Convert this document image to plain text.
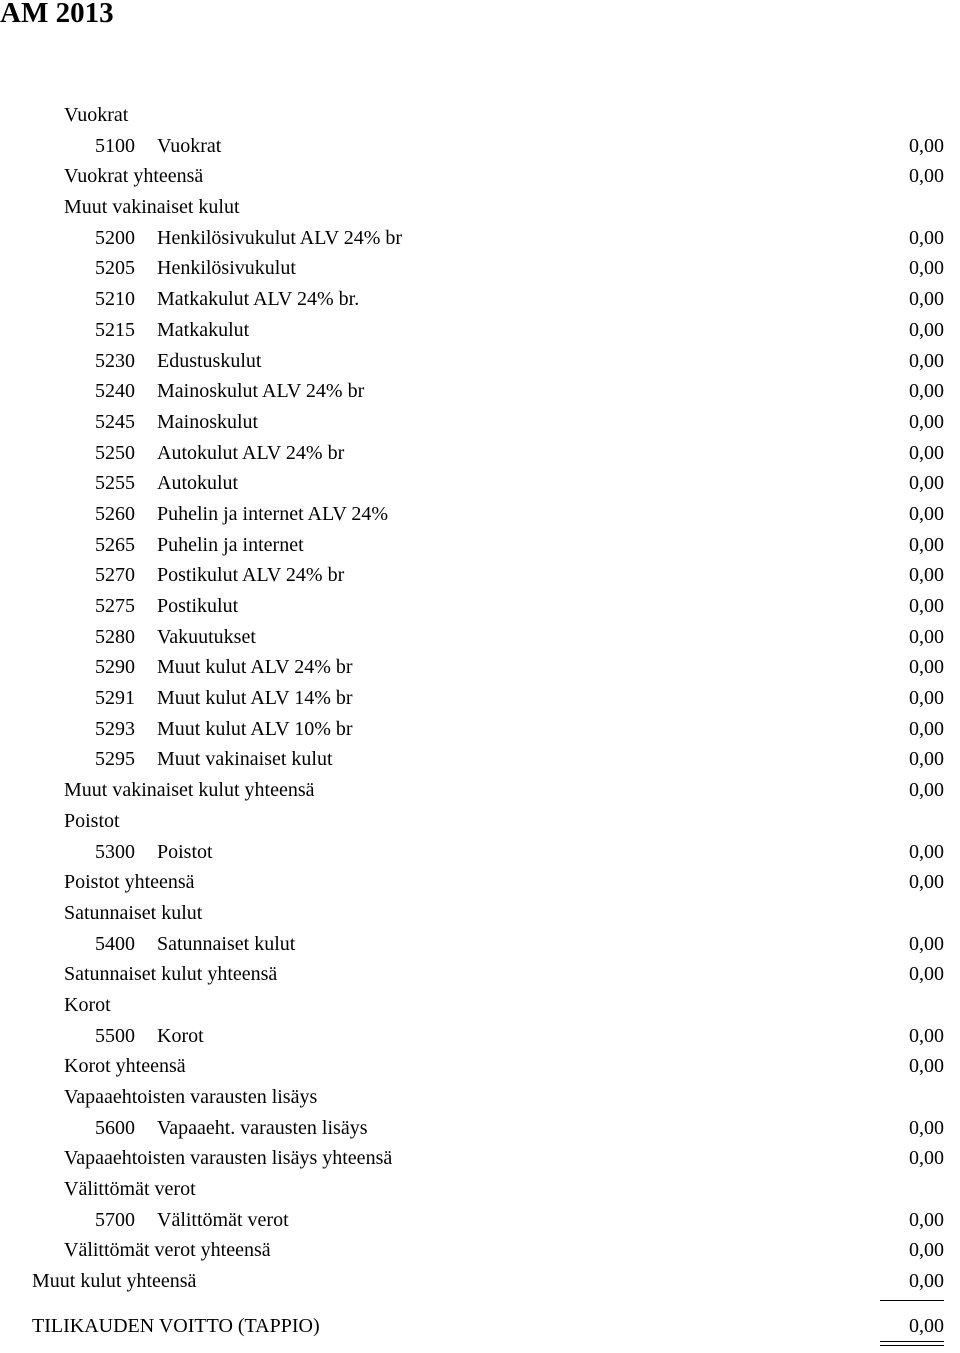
AM 2013
Vuokrat
5100 Vuokrat	0,00
Vuokrat yhteensä	0,00
Muut vakinaiset kulut
5200 Henkilösivukulut ALV 24% br	0,00
5205 Henkilösivukulut	0,00
5210 Matkakulut ALV 24% br.	0,00
5215 Matkakulut	0,00
5230 Edustuskulut	0,00
5240 Mainoskulut ALV 24% br	0,00
5245 Mainoskulut	0,00
5250 Autokulut ALV 24% br	0,00
5255 Autokulut	0,00
5260 Puhelin ja internet ALV 24%	0,00
5265 Puhelin ja internet	0,00
5270 Postikulut ALV 24% br	0,00
5275 Postikulut	0,00
5280 Vakuutukset	0,00
5290 Muut kulut ALV 24% br	0,00
5291 Muut kulut ALV 14% br	0,00
5293 Muut kulut ALV 10% br	0,00
5295 Muut vakinaiset kulut	0,00
Muut vakinaiset kulut yhteensä	0,00
Poistot
5300 Poistot	0,00
Poistot yhteensä	0,00
Satunnaiset kulut
5400 Satunnaiset kulut	0,00
Satunnaiset kulut yhteensä	0,00
Korot
5500 Korot	0,00
Korot yhteensä	0,00
Vapaaehtoisten varausten lisäys
5600 Vapaaeht. varausten lisäys	0,00
Vapaaehtoisten varausten lisäys yhteensä	0,00
Välittömät verot
5700 Välittömät verot	0,00
Välittömät verot yhteensä	0,00
Muut kulut yhteensä	0,00
TILIKAUDEN VOITTO (TAPPIO)	0,00
